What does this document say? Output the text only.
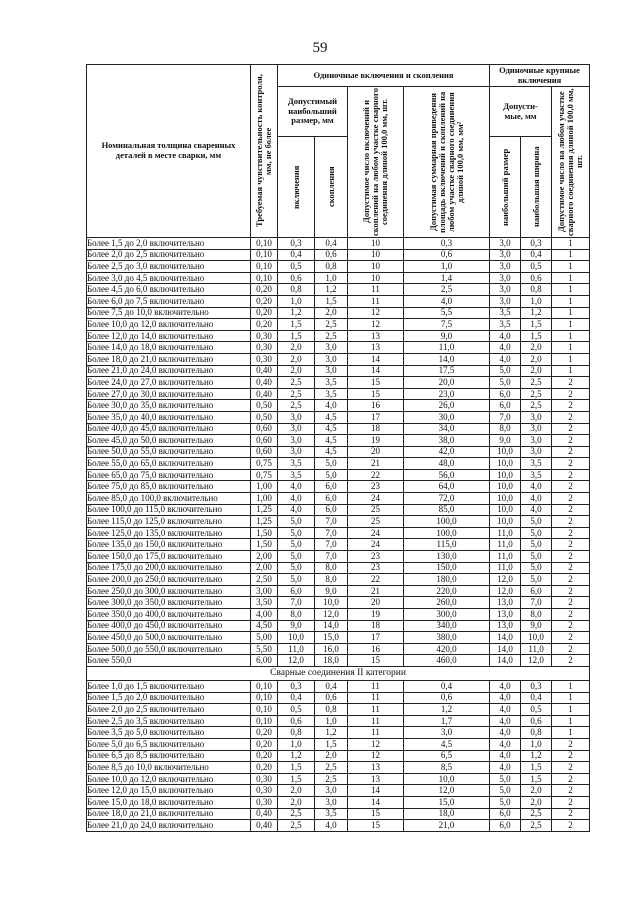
59
Номинальная толщина сваренных деталей в месте сварки, мм	Требуемая чувствительность контроля, мм, не более	Одиночные включения и скопления				Одиночные крупные включения		

		Допустимый наибольший размер, мм		Допустимое число включений и скоплений на любом участке сварного соединения длиной 100,0 мм, шт.	Допустимая суммарная приведения площадь включений и скоплений на любом участке сварного соединения длиной 100,0 мм, мм²	Допусти-мые, мм		Допустимое число на любом участке сварного соединения длиной 100,0 мм, шт.

		включения	скопления			наибольший размер	наибольшая ширина	

Более 1,5 до 2,0 включительно	0,10	0,3	0,4	10	0,3	3,0	0,3	1
Более 2,0 до 2,5 включительно	0,10	0,4	0,6	10	0,6	3,0	0,4	1
Более 2,5 до 3,0 включительно	0,10	0,5	0,8	10	1,0	3,0	0,5	1
Более 3,0 до 4,5 включительно	0,10	0,6	1,0	10	1,4	3,0	0,6	1
Более 4,5 до 6,0 включительно	0,20	0,8	1,2	11	2,5	3,0	0,8	1
Более 6,0 до 7,5 включительно	0,20	1,0	1,5	11	4,0	3,0	1,0	1
Более 7,5 до 10,0 включительно	0,20	1,2	2,0	12	5,5	3,5	1,2	1
Более 10,0 до 12,0 включительно	0,20	1,5	2,5	12	7,5	3,5	1,5	1
Более 12,0 до 14,0 включительно	0,30	1,5	2,5	13	9,0	4,0	1,5	1
Более 14,0 до 18,0 включительно	0,30	2,0	3,0	13	11,0	4,0	2,0	1
Более 18,0 до 21,0 включительно	0,30	2,0	3,0	14	14,0	4,0	2,0	1
Более 21,0 до 24,0 включительно	0,40	2,0	3,0	14	17,5	5,0	2,0	1
Более 24,0 до 27,0 включительно	0,40	2,5	3,5	15	20,0	5,0	2,5	2
Более 27,0 до 30,0 включительно	0,40	2,5	3,5	15	23,0	6,0	2,5	2
Более 30,0 до 35,0 включительно	0,50	2,5	4,0	16	26,0	6,0	2,5	2
Более 35,0 до 40,0 включительно	0,50	3,0	4,5	17	30,0	7,0	3,0	2
Более 40,0 до 45,0 включительно	0,60	3,0	4,5	18	34,0	8,0	3,0	2
Более 45,0 до 50,0 включительно	0,60	3,0	4,5	19	38,0	9,0	3,0	2
Более 50,0 до 55,0 включительно	0,60	3,0	4,5	20	42,0	10,0	3,0	2
Более 55,0 до 65,0 включительно	0,75	3,5	5,0	21	48,0	10,0	3,5	2
Более 65,0 до 75,0 включительно	0,75	3,5	5,0	22	56,0	10,0	3,5	2
Более 75,0 до 85,0 включительно	1,00	4,0	6,0	23	64,0	10,0	4,0	2
Более 85,0 до 100,0 включительно	1,00	4,0	6,0	24	72,0	10,0	4,0	2
Более 100,0 до 115,0 включительно	1,25	4,0	6,0	25	85,0	10,0	4,0	2
Более 115,0 до 125,0 включительно	1,25	5,0	7,0	25	100,0	10,0	5,0	2
Более 125,0 до 135,0 включительно	1,50	5,0	7,0	24	100,0	11,0	5,0	2
Более 135,0 до 150,0 включительно	1,50	5,0	7,0	24	115,0	11,0	5,0	2
Более 150,0 до 175,0 включительно	2,00	5,0	7,0	23	130,0	11,0	5,0	2
Более 175,0 до 200,0 включительно	2,00	5,0	8,0	23	150,0	11,0	5,0	2
Более 200,0 до 250,0 включительно	2,50	5,0	8,0	22	180,0	12,0	5,0	2
Более 250,0 до 300,0 включительно	3,00	6,0	9,0	21	220,0	12,0	6,0	2
Более 300,0 до 350,0 включительно	3,50	7,0	10,0	20	260,0	13,0	7,0	2
Более 350,0 до 400,0 включительно	4,00	8,0	12,0	19	300,0	13,0	8,0	2
Более 400,0 до 450,0 включительно	4,50	9,0	14,0	18	340,0	13,0	9,0	2
Более 450,0 до 500,0 включительно	5,00	10,0	15,0	17	380,0	14,0	10,0	2
Более 500,0 до 550,0 включительно	5,50	11,0	16,0	16	420,0	14,0	11,0	2
Более 550,0	6,00	12,0	18,0	15	460,0	14,0	12,0	2
Сварные соединения II категории								
Более 1,0 до 1,5 включительно	0,10	0,3	0,4	11	0,4	4,0	0,3	1
Более 1,5 до 2,0 включительно	0,10	0,4	0,6	11	0,6	4,0	0,4	1
Более 2,0 до 2,5 включительно	0,10	0,5	0,8	11	1,2	4,0	0,5	1
Более 2,5 до 3,5 включительно	0,10	0,6	1,0	11	1,7	4,0	0,6	1
Более 3,5 до 5,0 включительно	0,20	0,8	1,2	11	3,0	4,0	0,8	1
Более 5,0 до 6,5 включительно	0,20	1,0	1,5	12	4,5	4,0	1,0	2
Более 6,5 до 8,5 включительно	0,20	1,2	2,0	12	6,5	4,0	1,2	2
Более 8,5 до 10,0 включительно	0,20	1,5	2,5	13	8,5	4,0	1,5	2
Более 10,0 до 12,0 включительно	0,30	1,5	2,5	13	10,0	5,0	1,5	2
Более 12,0 до 15,0 включительно	0,30	2,0	3,0	14	12,0	5,0	2,0	2
Более 15,0 до 18,0 включительно	0,30	2,0	3,0	14	15,0	5,0	2,0	2
Более 18,0 до 21,0 включительно	0,40	2,5	3,5	15	18,0	6,0	2,5	2
Более 21,0 до 24,0 включительно	0,40	2,5	4,0	15	21,0	6,0	2,5	2
